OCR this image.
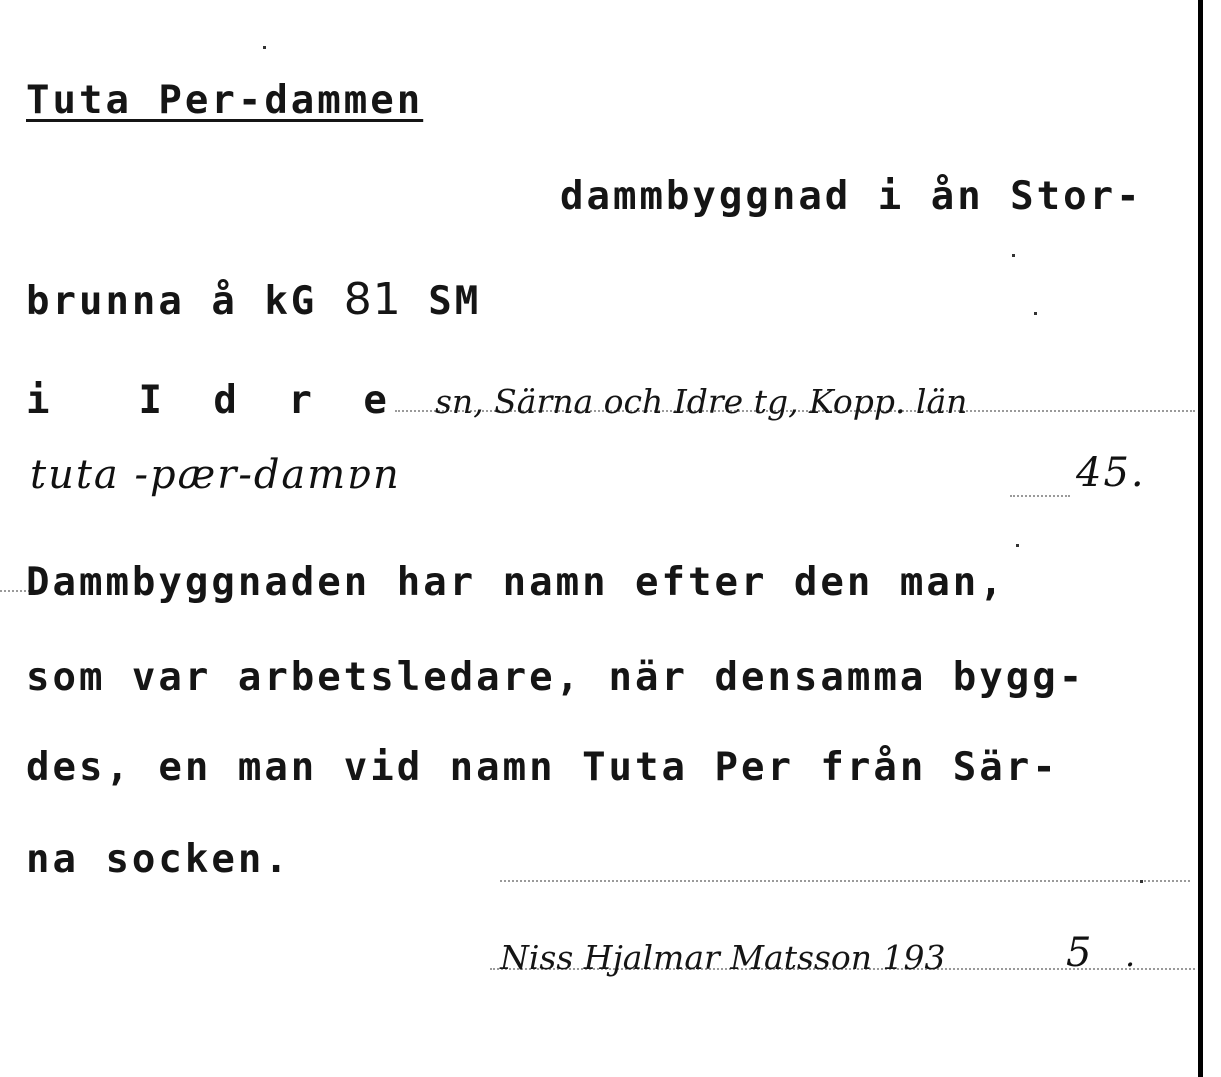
Tuta Per-dammen
dammbyggnad i ån Stor-
brunna å kG 81 SM
i  I d r e sn, Särna och Idre tg, Kopp. län
tuta -pær-damɐn	45.
Dammbyggnaden har namn efter den man,
som var arbetsledare, när densamma bygg-
des, en man vid namn Tuta Per från Sär-
na socken.
Niss Hjalmar Matsson 193	5 .
